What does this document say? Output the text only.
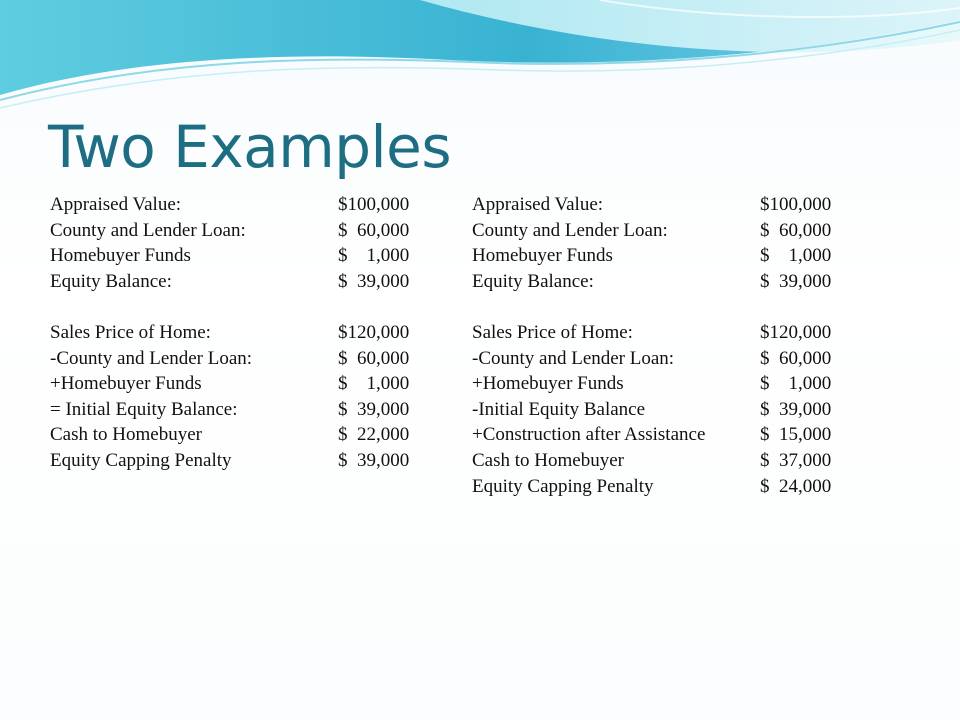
Two Examples
Appraised Value:	$100,000
County and Lender Loan:	$  60,000
Homebuyer Funds	$    1,000
Equity Balance:	$  39,000
Sales Price of Home:	$120,000
-County and Lender Loan:	$  60,000
+Homebuyer Funds	$    1,000
= Initial Equity Balance:	$  39,000
Cash to Homebuyer	$  22,000
Equity Capping Penalty	$  39,000
Appraised Value:	$100,000
County and Lender Loan:	$  60,000
Homebuyer Funds	$    1,000
Equity Balance:	$  39,000
Sales Price of Home:	$120,000
-County and Lender Loan:	$  60,000
+Homebuyer Funds	$    1,000
-Initial Equity Balance	$  39,000
+Construction after Assistance	$  15,000
Cash to Homebuyer	$  37,000
Equity Capping Penalty	$  24,000
